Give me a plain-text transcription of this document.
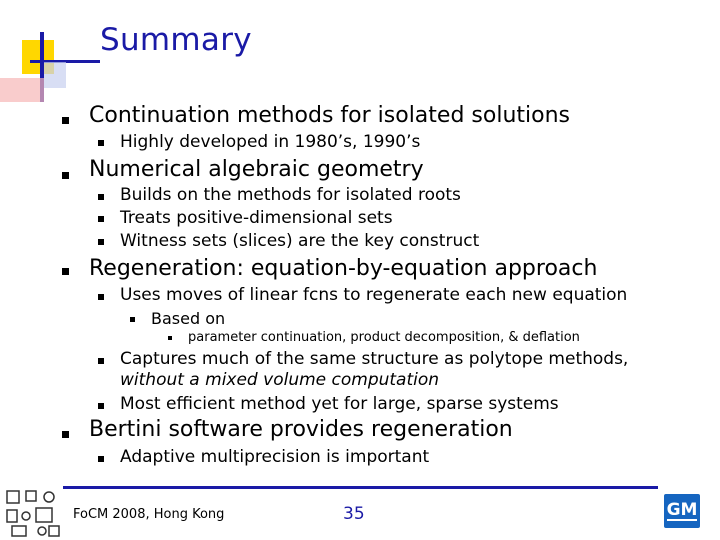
Summary
Continuation methods for isolated solutions
Highly developed in 1980’s, 1990’s
Numerical algebraic geometry
Builds on the methods for isolated roots
Treats positive-dimensional sets
Witness sets (slices) are the key construct
Regeneration: equation-by-equation approach
Uses moves of linear fcns to regenerate each new equation
Based on
parameter continuation, product decomposition, & deflation
Captures much of the same structure as polytope methods,
without a mixed volume computation
Most efficient method yet for large, sparse systems
Bertini software provides regeneration
Adaptive multiprecision is important
FoCM 2008, Hong Kong	35	GM
